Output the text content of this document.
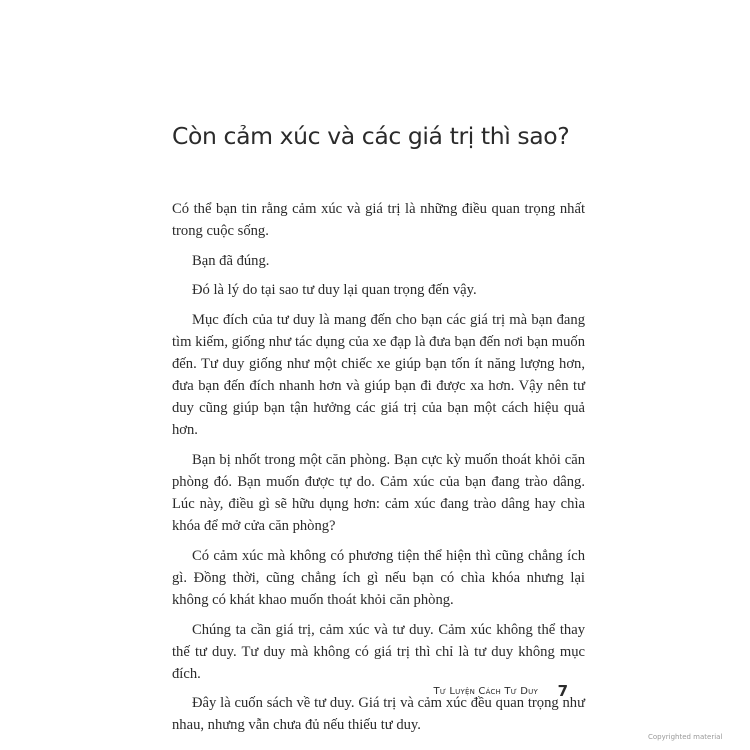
Còn cảm xúc và các giá trị thì sao?

Có thể bạn tin rằng cảm xúc và giá trị là những điều quan trọng nhất trong cuộc sống.

Bạn đã đúng.

Đó là lý do tại sao tư duy lại quan trọng đến vậy.

Mục đích của tư duy là mang đến cho bạn các giá trị mà bạn đang tìm kiếm, giống như tác dụng của xe đạp là đưa bạn đến nơi bạn muốn đến. Tư duy giống như một chiếc xe giúp bạn tốn ít năng lượng hơn, đưa bạn đến đích nhanh hơn và giúp bạn đi được xa hơn. Vậy nên tư duy cũng giúp bạn tận hưởng các giá trị của bạn một cách hiệu quả hơn.

Bạn bị nhốt trong một căn phòng. Bạn cực kỳ muốn thoát khỏi căn phòng đó. Bạn muốn được tự do. Cảm xúc của bạn đang trào dâng. Lúc này, điều gì sẽ hữu dụng hơn: cảm xúc đang trào dâng hay chìa khóa để mở cửa căn phòng?

Có cảm xúc mà không có phương tiện thể hiện thì cũng chẳng ích gì. Đồng thời, cũng chẳng ích gì nếu bạn có chìa khóa nhưng lại không có khát khao muốn thoát khỏi căn phòng.

Chúng ta cần giá trị, cảm xúc và tư duy. Cảm xúc không thể thay thế tư duy. Tư duy mà không có giá trị thì chỉ là tư duy không mục đích.

Đây là cuốn sách về tư duy. Giá trị và cảm xúc đều quan trọng như nhau, nhưng vẫn chưa đủ nếu thiếu tư duy.

Tư Luyện Cách Tư Duy 7
Copyrighted material
